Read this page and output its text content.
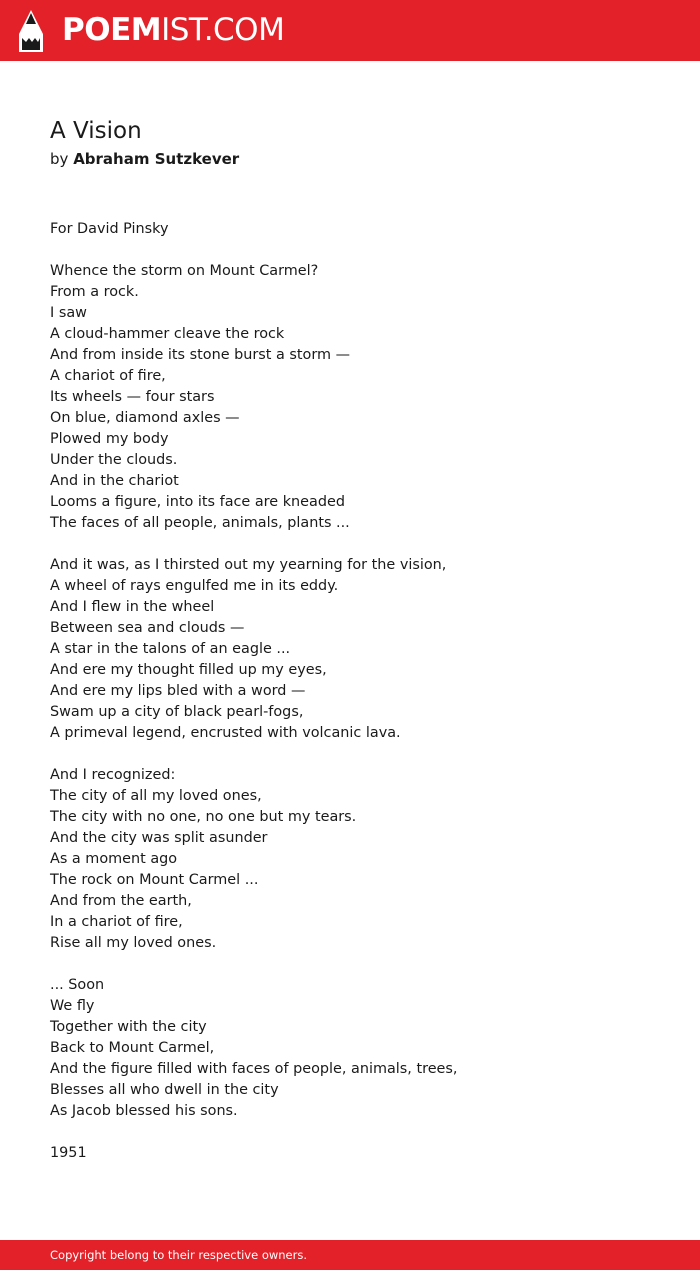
POEMIST.COM
A Vision
by Abraham Sutzkever
For David Pinsky
Whence the storm on Mount Carmel?
From a rock.
I saw
A cloud-hammer cleave the rock
And from inside its stone burst a storm —
A chariot of fire,
Its wheels — four stars
On blue, diamond axles —
Plowed my body
Under the clouds.
And in the chariot
Looms a figure, into its face are kneaded
The faces of all people, animals, plants ...
And it was, as I thirsted out my yearning for the vision,
A wheel of rays engulfed me in its eddy.
And I flew in the wheel
Between sea and clouds —
A star in the talons of an eagle ...
And ere my thought filled up my eyes,
And ere my lips bled with a word —
Swam up a city of black pearl-fogs,
A primeval legend, encrusted with volcanic lava.
And I recognized:
The city of all my loved ones,
The city with no one, no one but my tears.
And the city was split asunder
As a moment ago
The rock on Mount Carmel ...
And from the earth,
In a chariot of fire,
Rise all my loved ones.
... Soon
We fly
Together with the city
Back to Mount Carmel,
And the figure filled with faces of people, animals, trees,
Blesses all who dwell in the city
As Jacob blessed his sons.
1951
Copyright belong to their respective owners.
